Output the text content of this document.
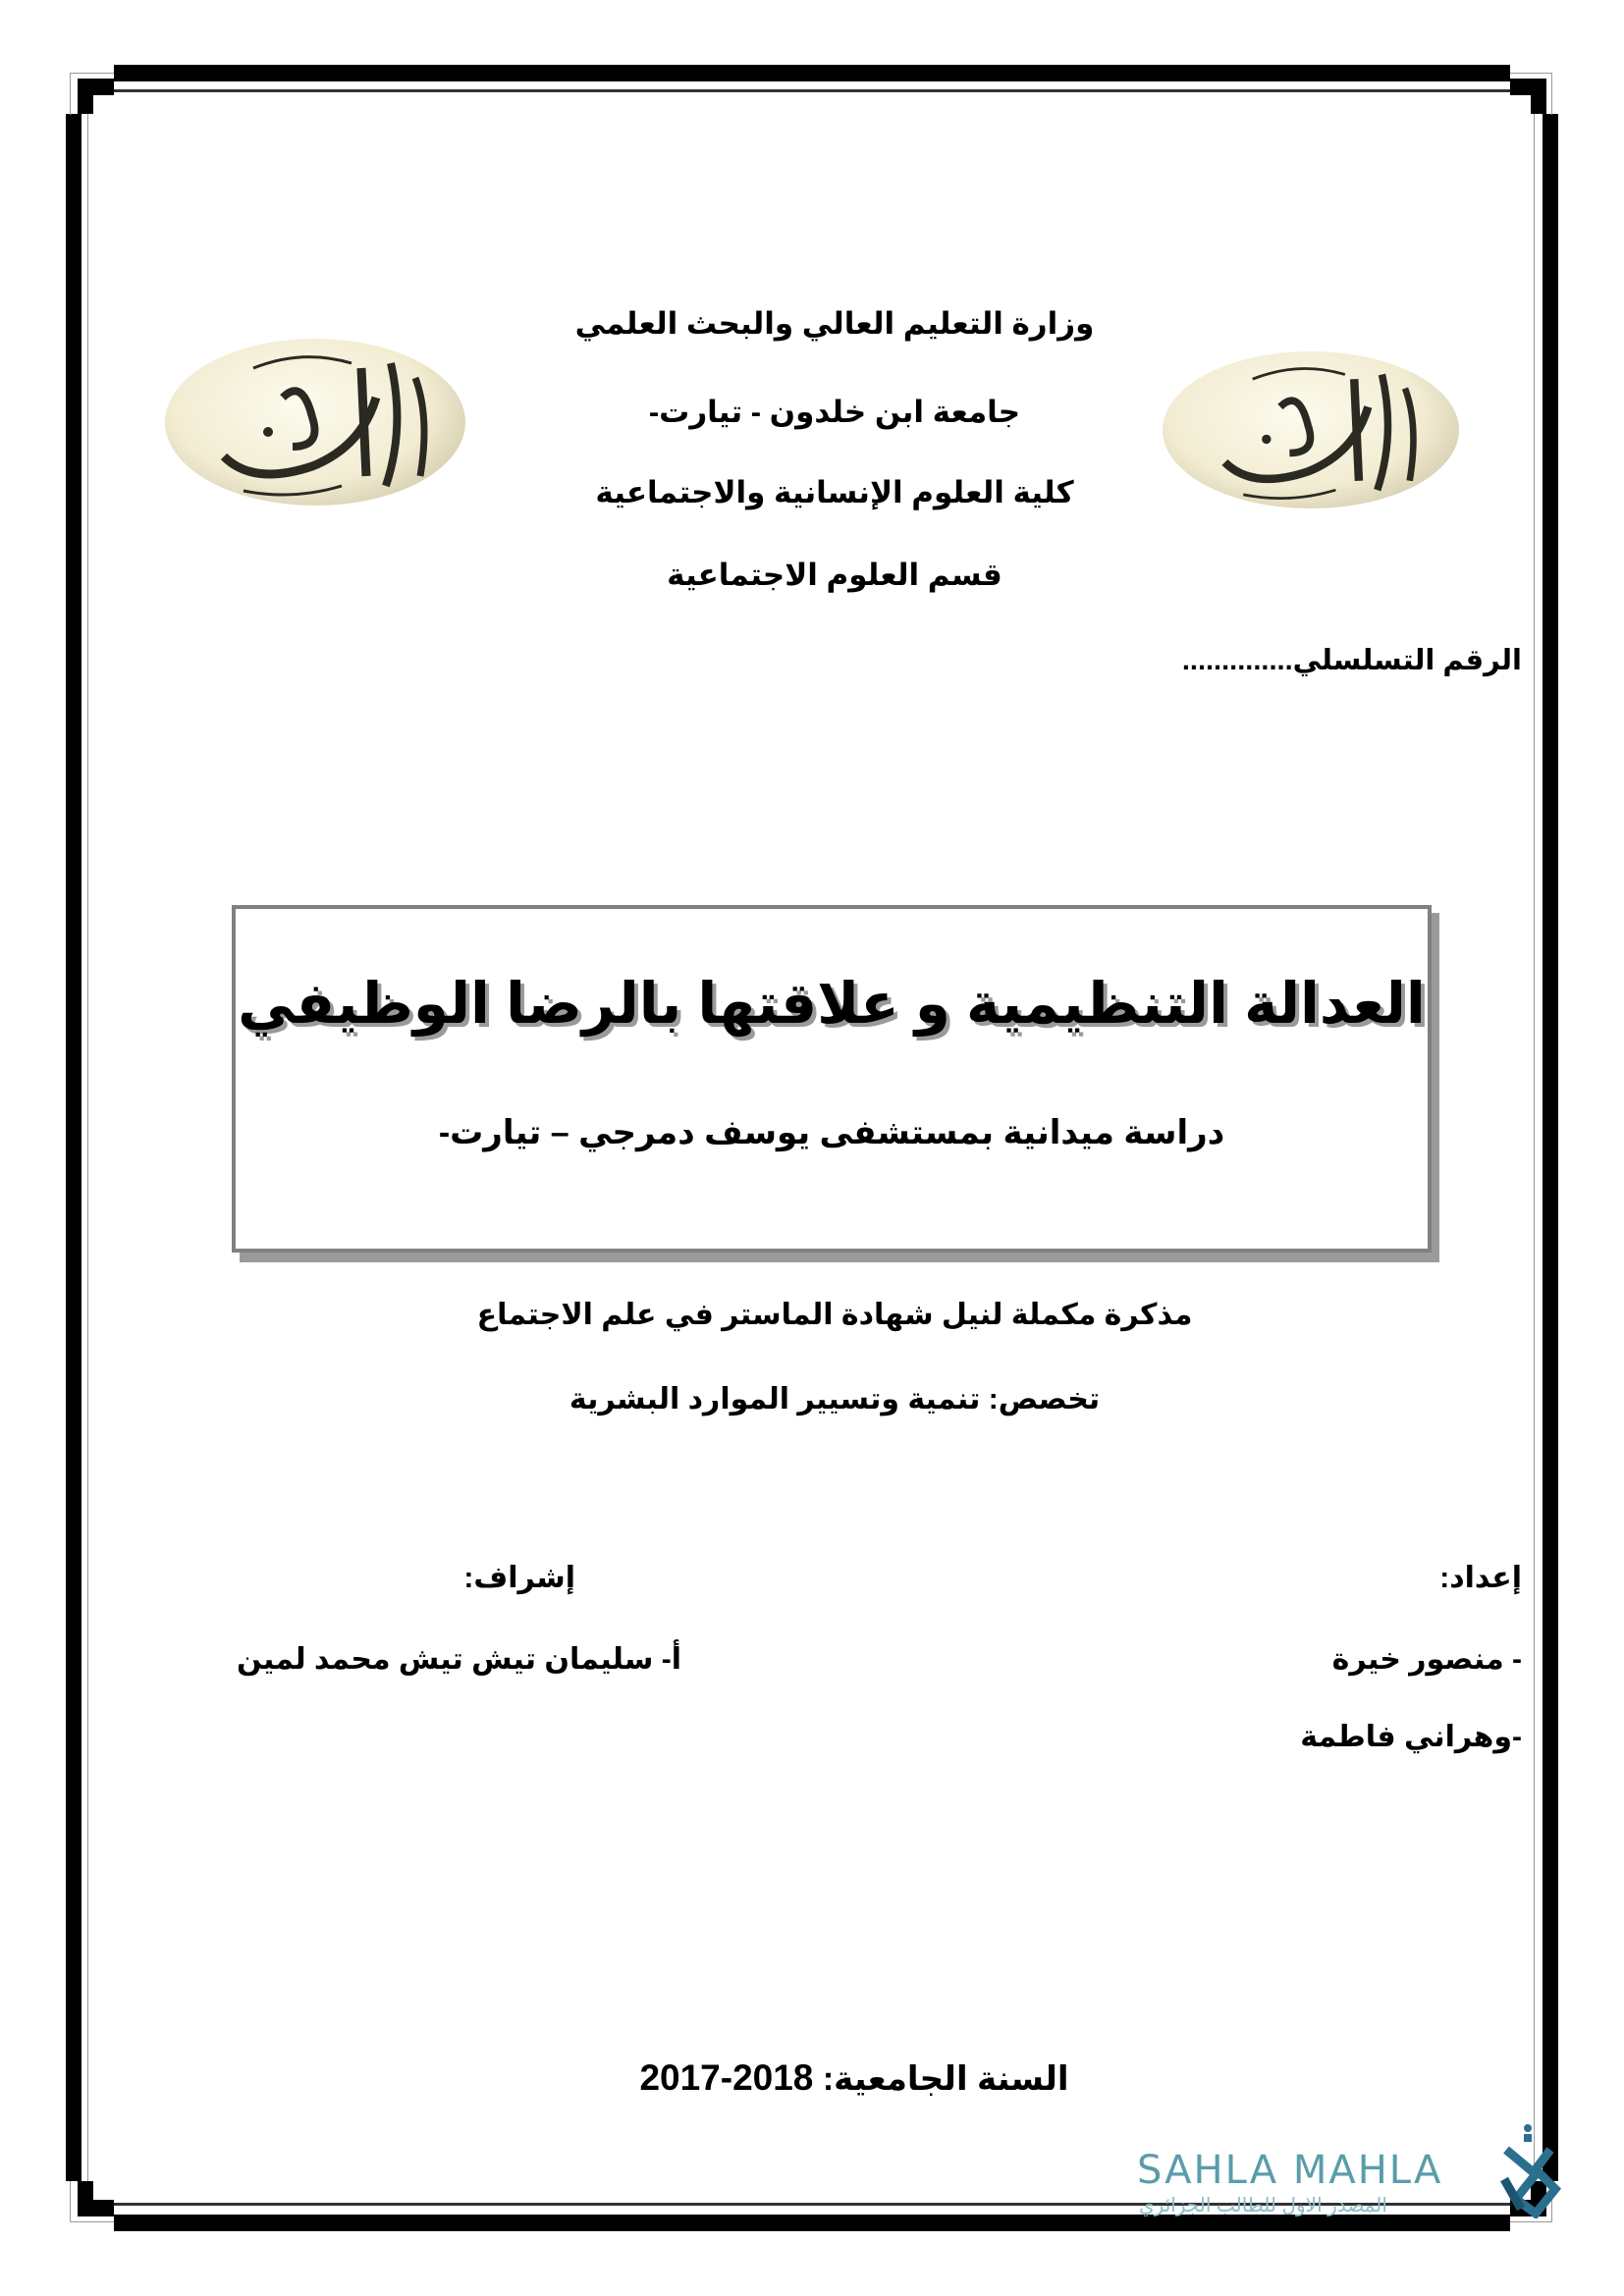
وزارة التعليم العالي والبحث العلمي
جامعة ابن خلدون - تيارت-
كلية العلوم الإنسانية والاجتماعية
قسم العلوم الاجتماعية
الرقم التسلسلي..............
العدالة التنظيمية و علاقتها بالرضا الوظيفي
دراسة ميدانية بمستشفى يوسف دمرجي – تيارت-
مذكرة مكملة لنيل شهادة الماستر في علم الاجتماع
تخصص: تنمية وتسيير الموارد البشرية
إعداد:
- منصور خيرة
-وهراني فاطمة
إشراف:
أ- سليمان تيش تيش محمد لمين
السنة الجامعية: 2018-2017
SAHLA MAHLA
المصدر الاول للطالب الجزائري
